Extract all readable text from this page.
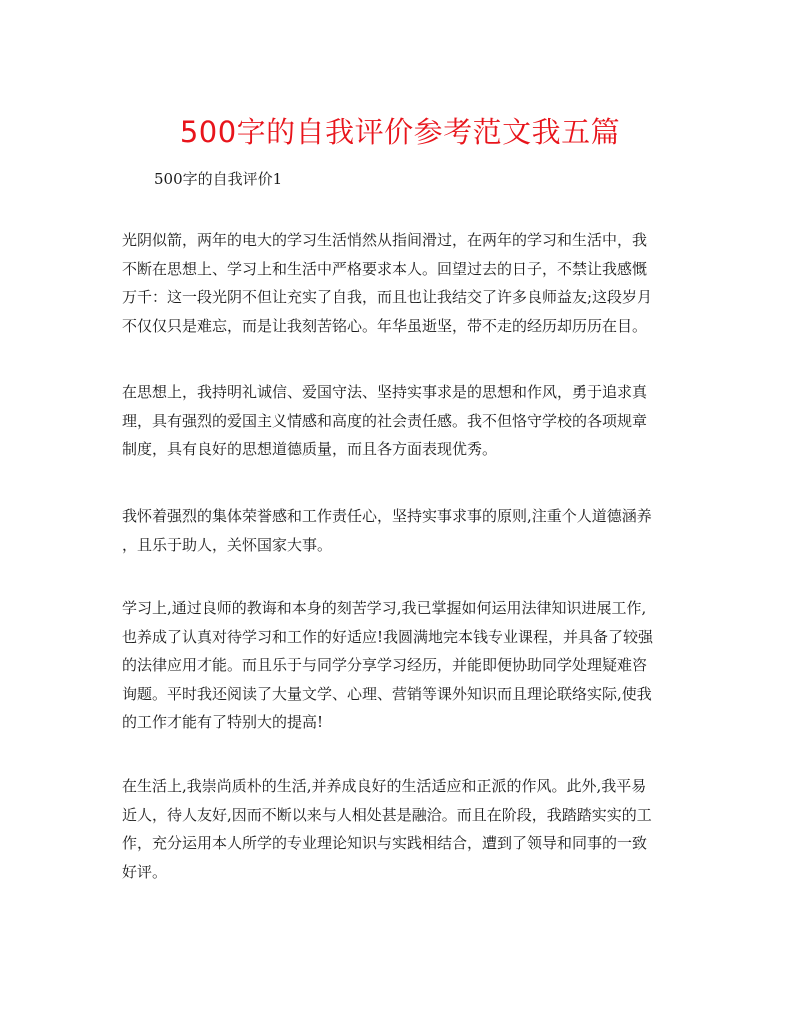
500字的自我评价参考范文我五篇

500字的自我评价1

光阴似箭，两年的电大的学习生活悄然从指间滑过，在两年的学习和生活中，我
不断在思想上、学习上和生活中严格要求本人。回望过去的日子，不禁让我感慨
万千：这一段光阴不但让充实了自我，而且也让我结交了许多良师益友;这段岁月
不仅仅只是难忘，而是让我刻苦铭心。年华虽逝坚，带不走的经历却历历在目。

在思想上，我持明礼诚信、爱国守法、坚持实事求是的思想和作风，勇于追求真
理，具有强烈的爱国主义情感和高度的社会责任感。我不但恪守学校的各项规章
制度，具有良好的思想道德质量，而且各方面表现优秀。

我怀着强烈的集体荣誉感和工作责任心，坚持实事求事的原则,注重个人道德涵养
，且乐于助人，关怀国家大事。

学习上,通过良师的教诲和本身的刻苦学习,我已掌握如何运用法律知识进展工作,
也养成了认真对待学习和工作的好适应!我圆满地完本钱专业课程，并具备了较强
的法律应用才能。而且乐于与同学分享学习经历，并能即便协助同学处理疑难咨
询题。平时我还阅读了大量文学、心理、营销等课外知识而且理论联络实际,使我
的工作才能有了特别大的提高!

在生活上,我崇尚质朴的生活,并养成良好的生活适应和正派的作风。此外,我平易
近人，待人友好,因而不断以来与人相处甚是融洽。而且在阶段，我踏踏实实的工
作，充分运用本人所学的专业理论知识与实践相结合，遭到了领导和同事的一致
好评。
